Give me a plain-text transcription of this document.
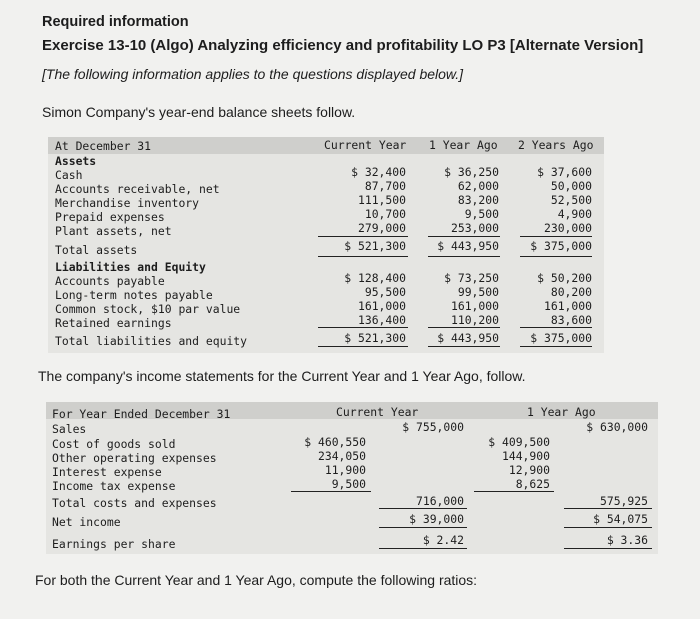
Required information
Exercise 13-10 (Algo) Analyzing efficiency and profitability LO P3 [Alternate Version]
[The following information applies to the questions displayed below.]
Simon Company's year-end balance sheets follow.
At December 31	Current Year 1 Year Ago 2 Years Ago
Assets
Cash	$ 32,400	$ 36,250	$ 37,600
Accounts receivable, net	87,700	62,000	50,000
Merchandise inventory	111,500	83,200	52,500
Prepaid expenses	10,700	9,500	4,900
Plant assets, net	279,000	253,000	230,000
Total assets	$ 521,300	$ 443,950	$ 375,000
Liabilities and Equity
Accounts payable	$ 128,400	$ 73,250	$ 50,200
Long-term notes payable	95,500	99,500	80,200
Common stock, $10 par value	161,000	161,000	161,000
Retained earnings	136,400	110,200	83,600
Total liabilities and equity	$ 521,300	$ 443,950	$ 375,000
The company's income statements for the Current Year and 1 Year Ago, follow.
For Year Ended December 31	Current Year	1 Year Ago
Sales	$ 755,000	$ 630,000
Cost of goods sold	$ 460,550	$ 409,500
Other operating expenses	234,050	144,900
Interest expense	11,900	12,900
Income tax expense	9,500	8,625
Total costs and expenses	716,000	575,925
Net income	$ 39,000	$ 54,075
Earnings per share	$ 2.42	$ 3.36
For both the Current Year and 1 Year Ago, compute the following ratios:
